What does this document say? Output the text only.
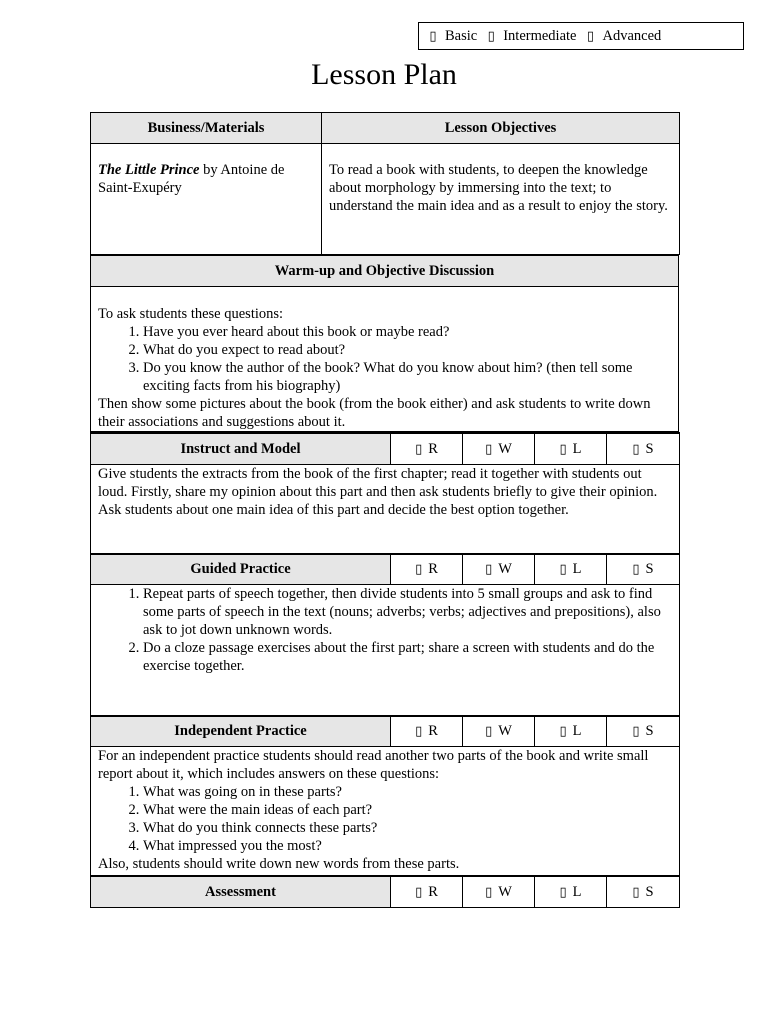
▯ Basic ▯ Intermediate ▯ Advanced
Lesson Plan
Business/Materials	Lesson Objectives
The Little Prince by Antoine de Saint-Exupéry	To read a book with students, to deepen the knowledge about morphology by immersing into the text; to understand the main idea and as a result to enjoy the story.
Warm-up and Objective Discussion

To ask students these questions:
1. Have you ever heard about this book or maybe read?
2. What do you expect to read about?
3. Do you know the author of the book? What do you know about him? (then tell some exciting facts from his biography)
Then show some pictures about the book (from the book either) and ask students to write down their associations and suggestions about it.
Instruct and Model	▯ R	▯ W	▯ L	▯ S
Give students the extracts from the book of the first chapter; read it together with students out loud. Firstly, share my opinion about this part and then ask students briefly to give their opinion. Ask students about one main idea of this part and decide the best option together.
Guided Practice	▯ R	▯ W	▯ L	▯ S

1. Repeat parts of speech together, then divide students into 5 small groups and ask to find some parts of speech in the text (nouns; adverbs; verbs; adjectives and prepositions), also ask to jot down unknown words.
2. Do a cloze passage exercises about the first part; share a screen with students and do the exercise together.
Independent Practice	▯ R	▯ W	▯ L	▯ S

For an independent practice students should read another two parts of the book and write small report about it, which includes answers on these questions:
1. What was going on in these parts?
2. What were the main ideas of each part?
3. What do you think connects these parts?
4. What impressed you the most?
Also, students should write down new words from these parts.
Assessment	▯ R	▯ W	▯ L	▯ S
